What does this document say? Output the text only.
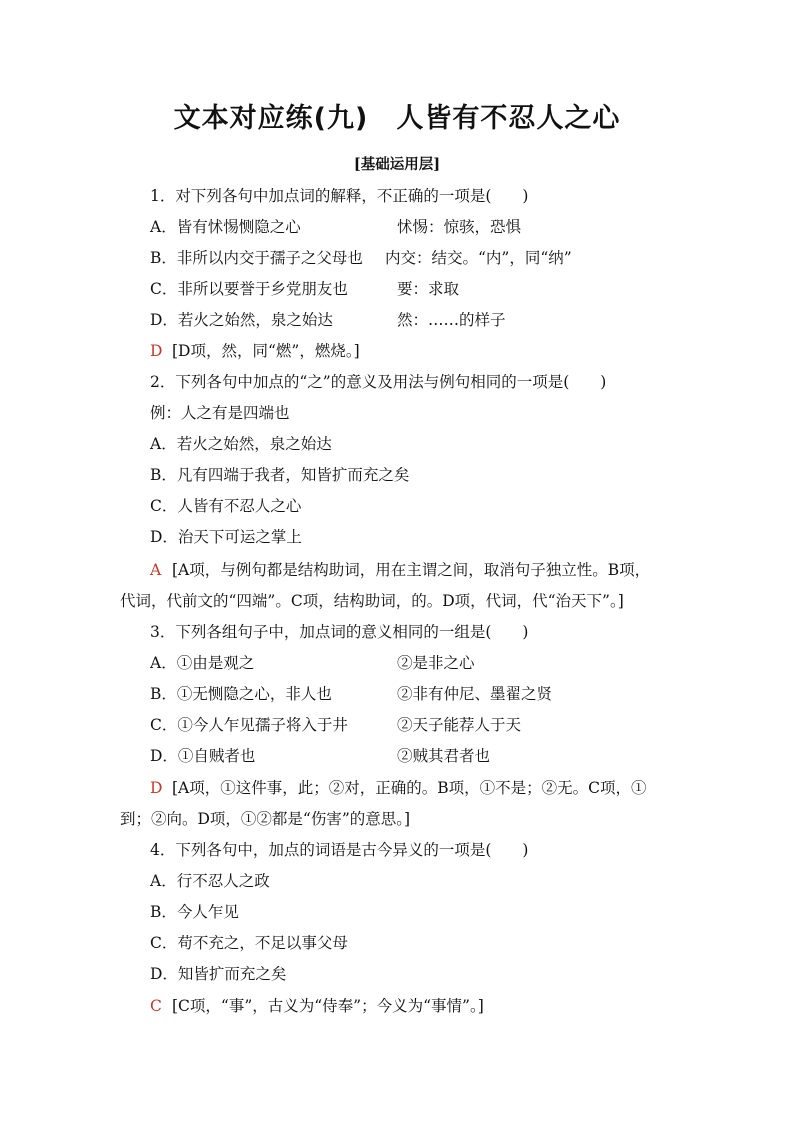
文本对应练(九)　人皆有不忍人之心
[基础运用层]
1．对下列各句中加点词的解释，不正确的一项是(　　)
A．皆有怵惕恻隐之心	怵惕：惊骇，恐惧
B．非所以内交于孺子之父母也 内交：结交。“内”，同“纳”
C．非所以要誉于乡党朋友也	要：求取
D．若火之始然，泉之始达	然：……的样子
D [D项，然，同“燃”，燃烧。]
2．下列各句中加点的“之”的意义及用法与例句相同的一项是(　　)
例：人之有是四端也
A．若火之始然，泉之始达
B．凡有四端于我者，知皆扩而充之矣
C．人皆有不忍人之心
D．治天下可运之掌上
A [A项，与例句都是结构助词，用在主谓之间，取消句子独立性。B项，
代词，代前文的“四端”。C项，结构助词，的。D项，代词，代“治天下”。]
3．下列各组句子中，加点词的意义相同的一组是(　　)
A．①由是观之	②是非之心
B．①无恻隐之心，非人也	②非有仲尼、墨翟之贤
C．①今人乍见孺子将入于井	②天子能荐人于天
D．①自贼者也	②贼其君者也
D [A项，①这件事，此；②对，正确的。B项，①不是；②无。C项，①
到；②向。D项，①②都是“伤害”的意思。]
4．下列各句中，加点的词语是古今异义的一项是(　　)
A．行不忍人之政
B．今人乍见
C．苟不充之，不足以事父母
D．知皆扩而充之矣
C [C项，“事”，古义为“侍奉”；今义为“事情”。]
